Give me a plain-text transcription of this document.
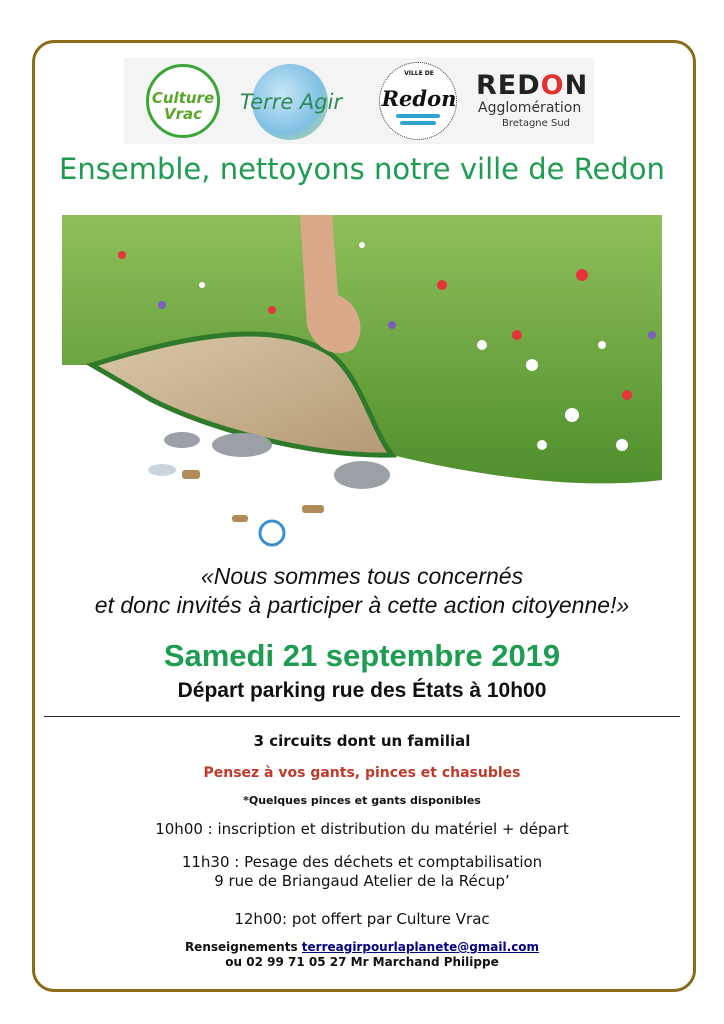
Culture
Vrac	Terre Agir
VILLE DE
Redon REDON
Agglomération
Bretagne Sud
Ensemble, nettoyons notre ville de Redon
«Nous sommes tous concernés
et donc invités à participer à cette action citoyenne!»
Samedi 21 septembre 2019
Départ parking rue des États à 10h00
3 circuits dont un familial
Pensez à vos gants, pinces et chasubles
*Quelques pinces et gants disponibles
10h00 : inscription et distribution du matériel + départ
11h30 : Pesage des déchets et comptabilisation
9 rue de Briangaud Atelier de la Récup’
12h00: pot offert par Culture Vrac
Renseignements terreagirpourlaplanete@gmail.com
ou 02 99 71 05 27 Mr Marchand Philippe
